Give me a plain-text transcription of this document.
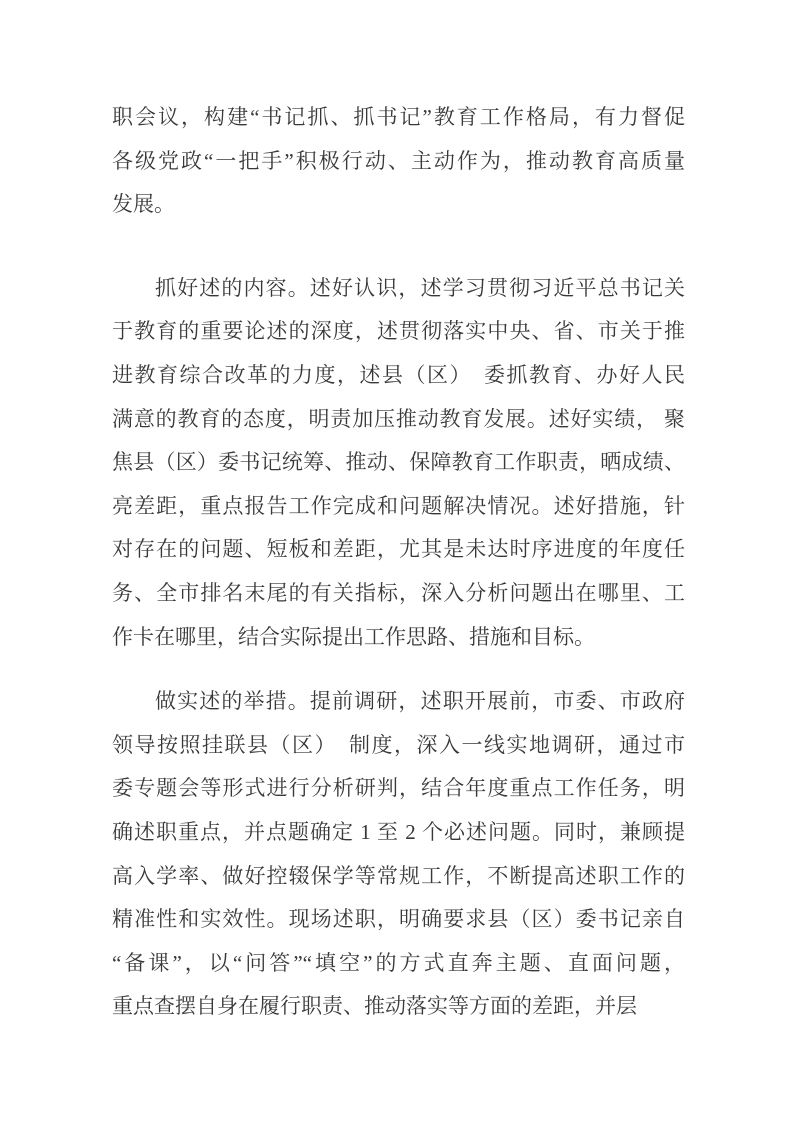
职会议，构建“书记抓、抓书记”教育工作格局，有力督促
各级党政“一把手”积极行动、主动作为，推动教育高质量
发展。
抓好述的内容。述好认识，述学习贯彻习近平总书记关
于教育的重要论述的深度，述贯彻落实中央、省、市关于推
进教育综合改革的力度，述县（区）　委抓教育、办好人民
满意的教育的态度，明责加压推动教育发展。述好实绩， 聚
焦县（区）委书记统筹、推动、保障教育工作职责，晒成绩、
亮差距，重点报告工作完成和问题解决情况。述好措施，针
对存在的问题、短板和差距，尤其是未达时序进度的年度任
务、全市排名末尾的有关指标，深入分析问题出在哪里、工
作卡在哪里，结合实际提出工作思路、措施和目标。
做实述的举措。提前调研，述职开展前，市委、市政府
领导按照挂联县（区）　制度，深入一线实地调研，通过市
委专题会等形式进行分析研判，结合年度重点工作任务，明
确述职重点，并点题确定 1 至 2 个必述问题。同时，兼顾提
高入学率、做好控辍保学等常规工作，不断提高述职工作的
精准性和实效性。现场述职，明确要求县（区）委书记亲自
“备课”，以“问答”“填空”的方式直奔主题、直面问题，
重点查摆自身在履行职责、推动落实等方面的差距，并层
